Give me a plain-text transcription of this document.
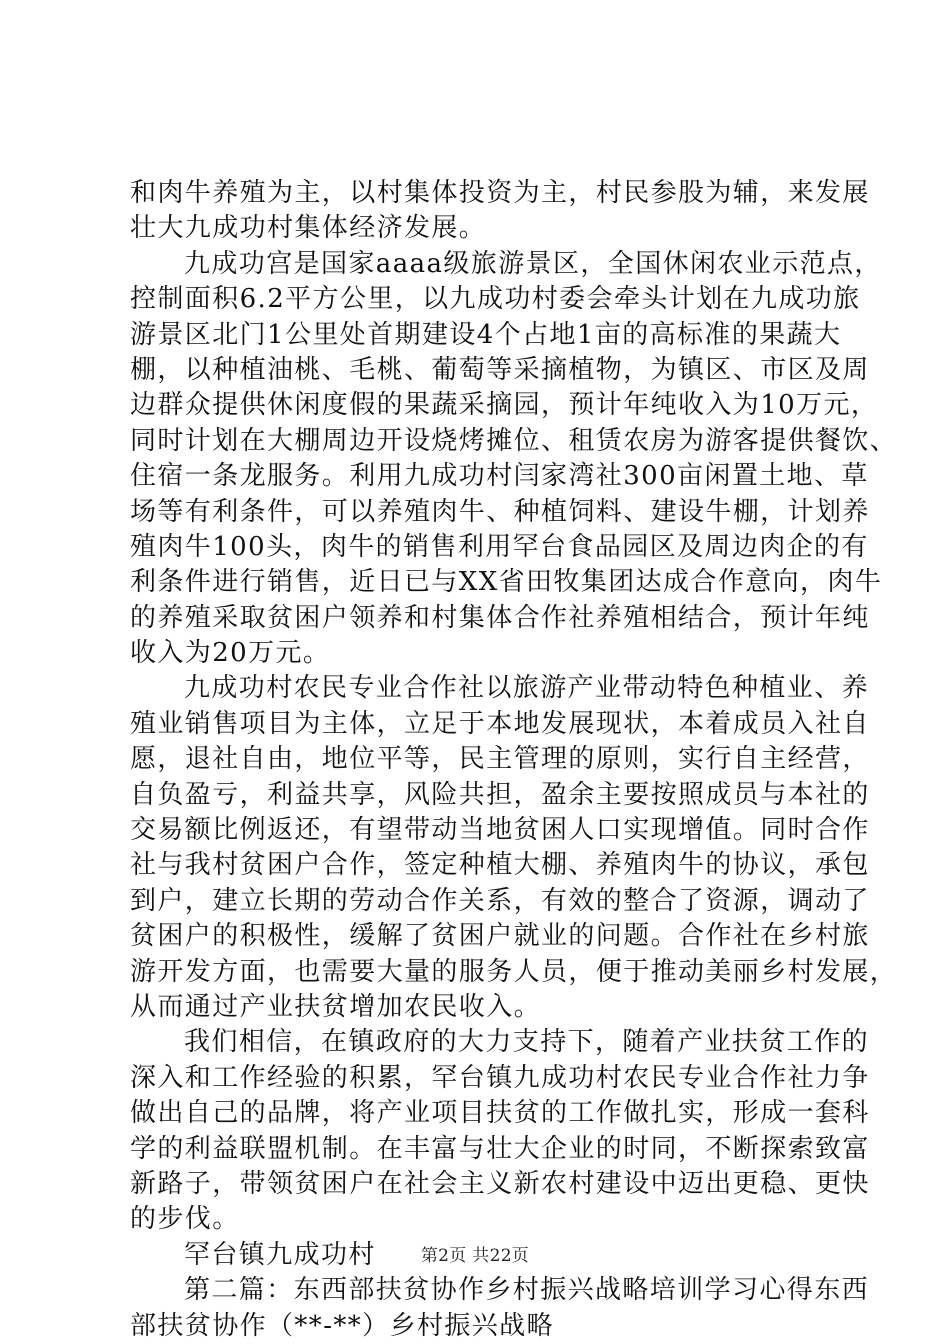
和肉牛养殖为主，以村集体投资为主，村民参股为辅，来发展
壮大九成功村集体经济发展。
九成功宫是国家aaaa级旅游景区，全国休闲农业示范点，
控制面积6.2平方公里，以九成功村委会牵头计划在九成功旅
游景区北门1公里处首期建设4个占地1亩的高标准的果蔬大
棚，以种植油桃、毛桃、葡萄等采摘植物，为镇区、市区及周
边群众提供休闲度假的果蔬采摘园，预计年纯收入为10万元，
同时计划在大棚周边开设烧烤摊位、租赁农房为游客提供餐饮、
住宿一条龙服务。利用九成功村闫家湾社300亩闲置土地、草
场等有利条件，可以养殖肉牛、种植饲料、建设牛棚，计划养
殖肉牛100头，肉牛的销售利用罕台食品园区及周边肉企的有
利条件进行销售，近日已与XX省田牧集团达成合作意向，肉牛
的养殖采取贫困户领养和村集体合作社养殖相结合，预计年纯
收入为20万元。
九成功村农民专业合作社以旅游产业带动特色种植业、养
殖业销售项目为主体，立足于本地发展现状，本着成员入社自
愿，退社自由，地位平等，民主管理的原则，实行自主经营，
自负盈亏，利益共享，风险共担，盈余主要按照成员与本社的
交易额比例返还，有望带动当地贫困人口实现增值。同时合作
社与我村贫困户合作，签定种植大棚、养殖肉牛的协议，承包
到户，建立长期的劳动合作关系，有效的整合了资源，调动了
贫困户的积极性，缓解了贫困户就业的问题。合作社在乡村旅
游开发方面，也需要大量的服务人员，便于推动美丽乡村发展，
从而通过产业扶贫增加农民收入。
我们相信，在镇政府的大力支持下，随着产业扶贫工作的
深入和工作经验的积累，罕台镇九成功村农民专业合作社力争
做出自己的品牌，将产业项目扶贫的工作做扎实，形成一套科
学的利益联盟机制。在丰富与壮大企业的时同，不断探索致富
新路子，带领贫困户在社会主义新农村建设中迈出更稳、更快
的步伐。
罕台镇九成功村
第二篇：东西部扶贫协作乡村振兴战略培训学习心得东西
部扶贫协作（**-**）乡村振兴战略
第2页 共22页
